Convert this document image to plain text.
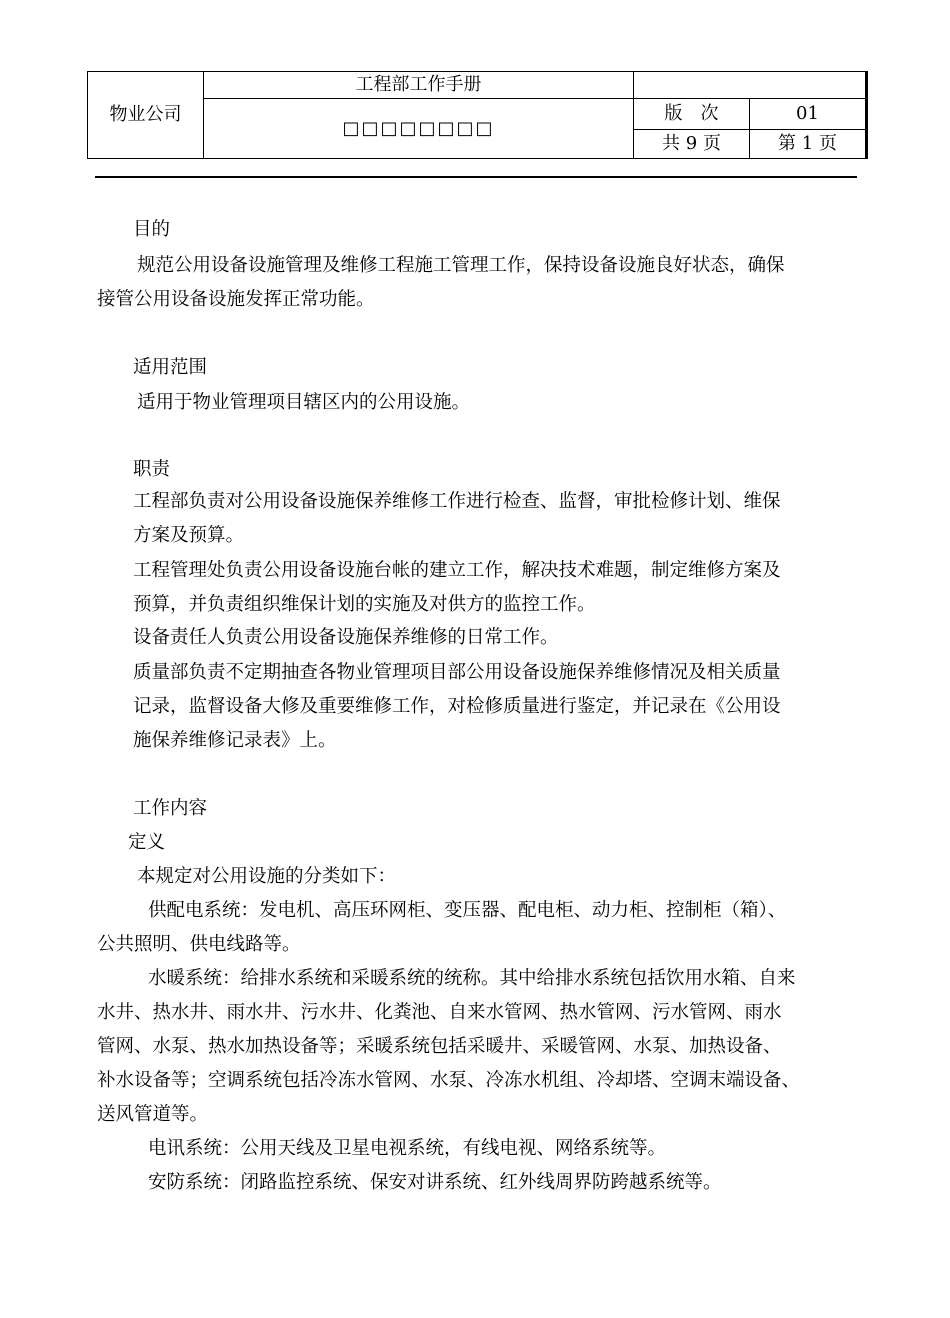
物业公司	工程部工作手册		
	□□□□□□□□	版　次	01
		共 9 页	第 1 页
目的
规范公用设备设施管理及维修工程施工管理工作，保持设备设施良好状态，确保
接管公用设备设施发挥正常功能。
适用范围
适用于物业管理项目辖区内的公用设施。
职责
工程部负责对公用设备设施保养维修工作进行检查、监督，审批检修计划、维保
方案及预算。
工程管理处负责公用设备设施台帐的建立工作，解决技术难题，制定维修方案及
预算，并负责组织维保计划的实施及对供方的监控工作。
设备责任人负责公用设备设施保养维修的日常工作。
质量部负责不定期抽查各物业管理项目部公用设备设施保养维修情况及相关质量
记录，监督设备大修及重要维修工作，对检修质量进行鉴定，并记录在《公用设
施保养维修记录表》上。
工作内容
定义
本规定对公用设施的分类如下：
供配电系统：发电机、高压环网柜、变压器、配电柜、动力柜、控制柜（箱）、
公共照明、供电线路等。
水暖系统：给排水系统和采暖系统的统称。其中给排水系统包括饮用水箱、自来
水井、热水井、雨水井、污水井、化粪池、自来水管网、热水管网、污水管网、雨水
管网、水泵、热水加热设备等；采暖系统包括采暖井、采暖管网、水泵、加热设备、
补水设备等；空调系统包括冷冻水管网、水泵、冷冻水机组、冷却塔、空调末端设备、
送风管道等。
电讯系统：公用天线及卫星电视系统，有线电视、网络系统等。
安防系统：闭路监控系统、保安对讲系统、红外线周界防跨越系统等。
